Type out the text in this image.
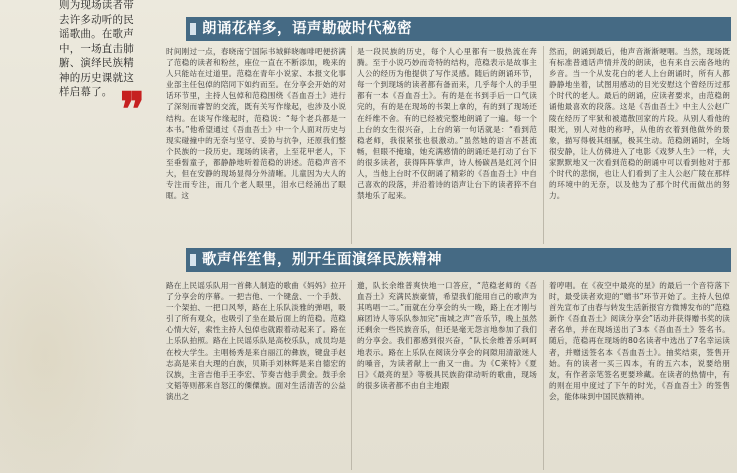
则为现场读者带去许多动听的民谣歌曲。在歌声中，一场直击肺腑、演绎民族精神的历史课就这样启幕了。 ❞
朗诵花样多，语声勘破时代秘密
时间刚过一点，春晓南宁国际书城鲜晓咖啡吧便挤满了范稳的读者和粉丝，座位一直在不断添加，晚来的人只能站在过道里。范稳在青年小说家、本报文化事业部主任包倬的陪同下如约而至。在分享会开始的对话环节里，主持人包倬和范稳围绕《吾血吾土》进行了深刻而睿智的交流，既有关写作缘起，也涉及小说结构。在谈写作缘起时，范稳说：“每个老兵都是一本书。”他希望通过《吾血吾土》中一个人面对历史与现实碰撞中的无奈与坚守、妥协与抗争，还原我们整个民族的一段历史。现场的读者，上至花甲老人，下至垂髫童子，都静静地听着范稳的讲述。范稳声音不大，但在安静的现场显得分外清晰。儿童因为大人的专注而专注，而几个老人眼里，泪水已经涌出了眼眶。这
是一段民族的历史，每个人心里都有一股热流在奔腾。至于小说巧妙而奇特的结构，范稳表示是故事主人公的经历为他提供了写作灵感。随后的朗诵环节，每一个到现场的读者都有备而来，几乎每个人的手里都有一本《吾血吾土》。有的是在书到手后一口气读完的，有的是在现场的书架上拿的，有的到了现场还在纤维不舍。有的已经被完整地朗诵了一遍。每一个上台的女生很兴奋，上台的第一句话就是：“看到范稳老师，我很紧张也很激动。”虽然她的语言不甚流畅，但眼不掩瑜，她充满感情的朗诵还是打动了台下的很多读者，获得阵阵掌声，诗人杨碳昌是红河个旧人，当他上台时不仅朗诵了精彩的《吾血吾土》中自己喜欢的段落，并沿着诗的语声让台下的读者猝不自禁地乐了起来。
然而，朗诵到最后，他声音渐渐哽咽。当然，现场既有标准普通话声情并茂的朗读，也有来自云南各地的乡音。当一个从发花白的老人上台朗诵时，所有人都静静地坐着，试图用感动的目光安慰这个曾经历过那个时代的老人。最后的朗诵，应读者要求，由范稳朗诵他最喜欢的段落。这是《吾血吾土》中主人公赵广陵在经历了牢狱和被遣散回家的片段。从别人看他的眼光，别人对他的称呼，从他的衣着到他做外的景象，描写得极其细腻，极其生动。范稳朗诵时，全场很安静，让人仿佛进入了电影《戏梦人生》一样，大家默默地又一次看到范稳的朗诵中可以看到他对于那个时代的悲悯，也让人们看到了主人公赵广陵在那样的环境中的无奈，以及他为了那个时代而做出的努力。
歌声伴笙售，别开生面演绎民族精神
路在上民谣乐队用一首彝人制造的歌曲《妈妈》拉开了分享会的序幕。一把吉他、一个键盘、一个手鼓、一个架拍、一把口风琴，路在上乐队淡雅的弹唱，吸引了所有观众，也吸引了坐在最后面上的范稳。范稳心情大好，索性主持人包倬也就跟着动起来了。路在上乐队拍照。路在上民谣乐队是高校乐队，成员均是在校大学生。主唱杨秀是来自丽江的彝族，键盘手赵志高是来自大理的白族，贝斯手刘林辉是来自德宏的汉族，主音吉他手王李宏、节奏吉他手黄金。鼓手余文韬等则都来自怒江的傈僳族。面对生活清苦的公益演出之
邀，队长余维普爽快地一口答应，“范稳老师的《吾血吾土》充满民族豪情，希望我们能用自己的歌声为其鸣唱一二。”而就在分享会的头一晚，路上在才刚与麻团诗人等乐队参加完“南城之声”音乐节，晚上虽然还剩余一些民族音乐，但还是毫无怨言地参加了我们的分享会。我们都感到很兴奋，“队长余维普乐呵呵地表示。路在上乐队在阅读分享会的间隙用清澈迷人的嗓音，为读者献上一曲又一曲。为《C莱特》《夏日》《最亮的星》等极具民族韵律动听的歌曲，现场的很多读者都不由自主地跟
着哼唱。在《夜空中最亮的星》的最后一个音符落下时，最受读者欢迎的“赠书”环节开始了。主持人包倬首先宣布了由春与转发生活新报官方微博发布的“范稳新作《吾血吾土》阅读分享会”话动并获得赠书奖的读者名单，并在现场送出了3本《吾血吾土》签名书。随后，范稳再在现场的80名读者中选出了7名幸运读者，并赠送签名本《吾血吾土》。抽奖结束，签售开始。有的读者一买三四本，有的五六本，说要给朋友，有作者亲笔签名更要珍藏。在读者的热情中，有的则在用中度过了下午的时光，《吾血吾土》的签售会，能体味到中国民族精神。
